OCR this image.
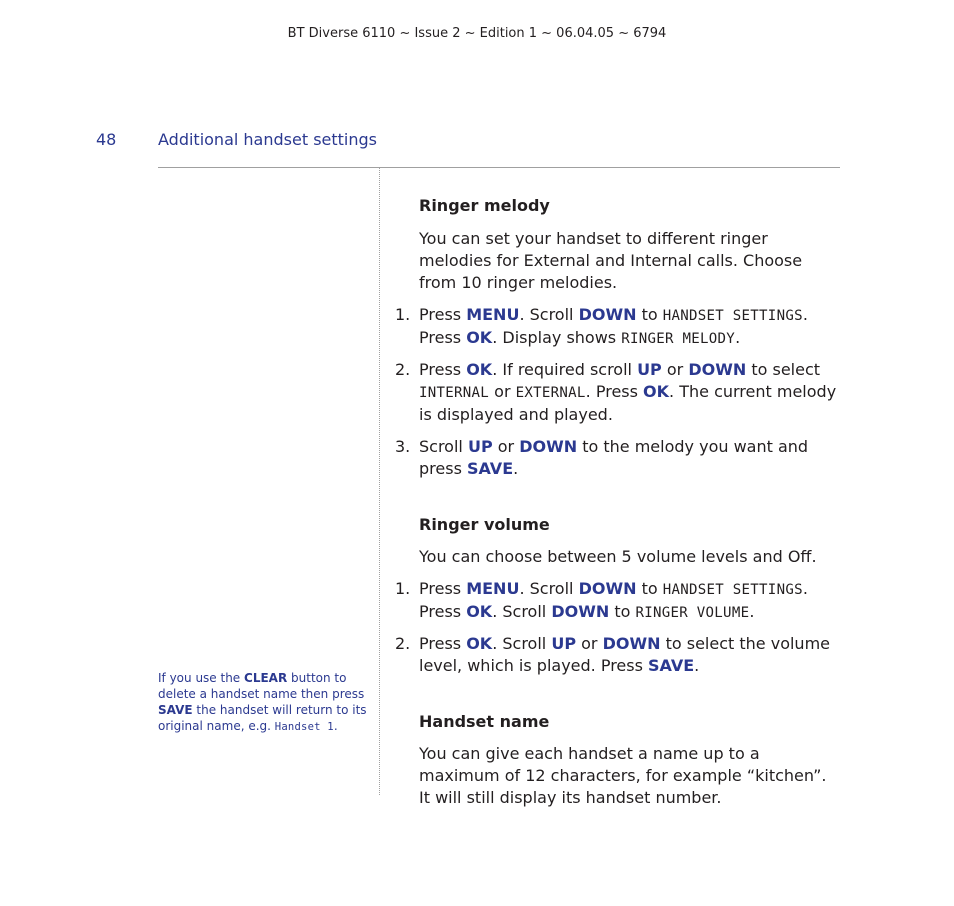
BT Diverse 6110 ~ Issue 2 ~ Edition 1 ~ 06.04.05 ~ 6794
48	Additional handset settings
If you use the CLEAR button to delete a handset name then press SAVE the handset will return to its original name, e.g. Handset 1.
Ringer melody
You can set your handset to different ringer melodies for External and Internal calls. Choose from 10 ringer melodies.
1. Press MENU. Scroll DOWN to HANDSET SETTINGS. Press OK. Display shows RINGER MELODY.
2. Press OK. If required scroll UP or DOWN to select INTERNAL or EXTERNAL. Press OK. The current melody is displayed and played.
3. Scroll UP or DOWN to the melody you want and press SAVE.
Ringer volume
You can choose between 5 volume levels and Off.
1. Press MENU. Scroll DOWN to HANDSET SETTINGS. Press OK. Scroll DOWN to RINGER VOLUME.
2. Press OK. Scroll UP or DOWN to select the volume level, which is played. Press SAVE.
Handset name
You can give each handset a name up to a maximum of 12 characters, for example “kitchen”. It will still display its handset number.
